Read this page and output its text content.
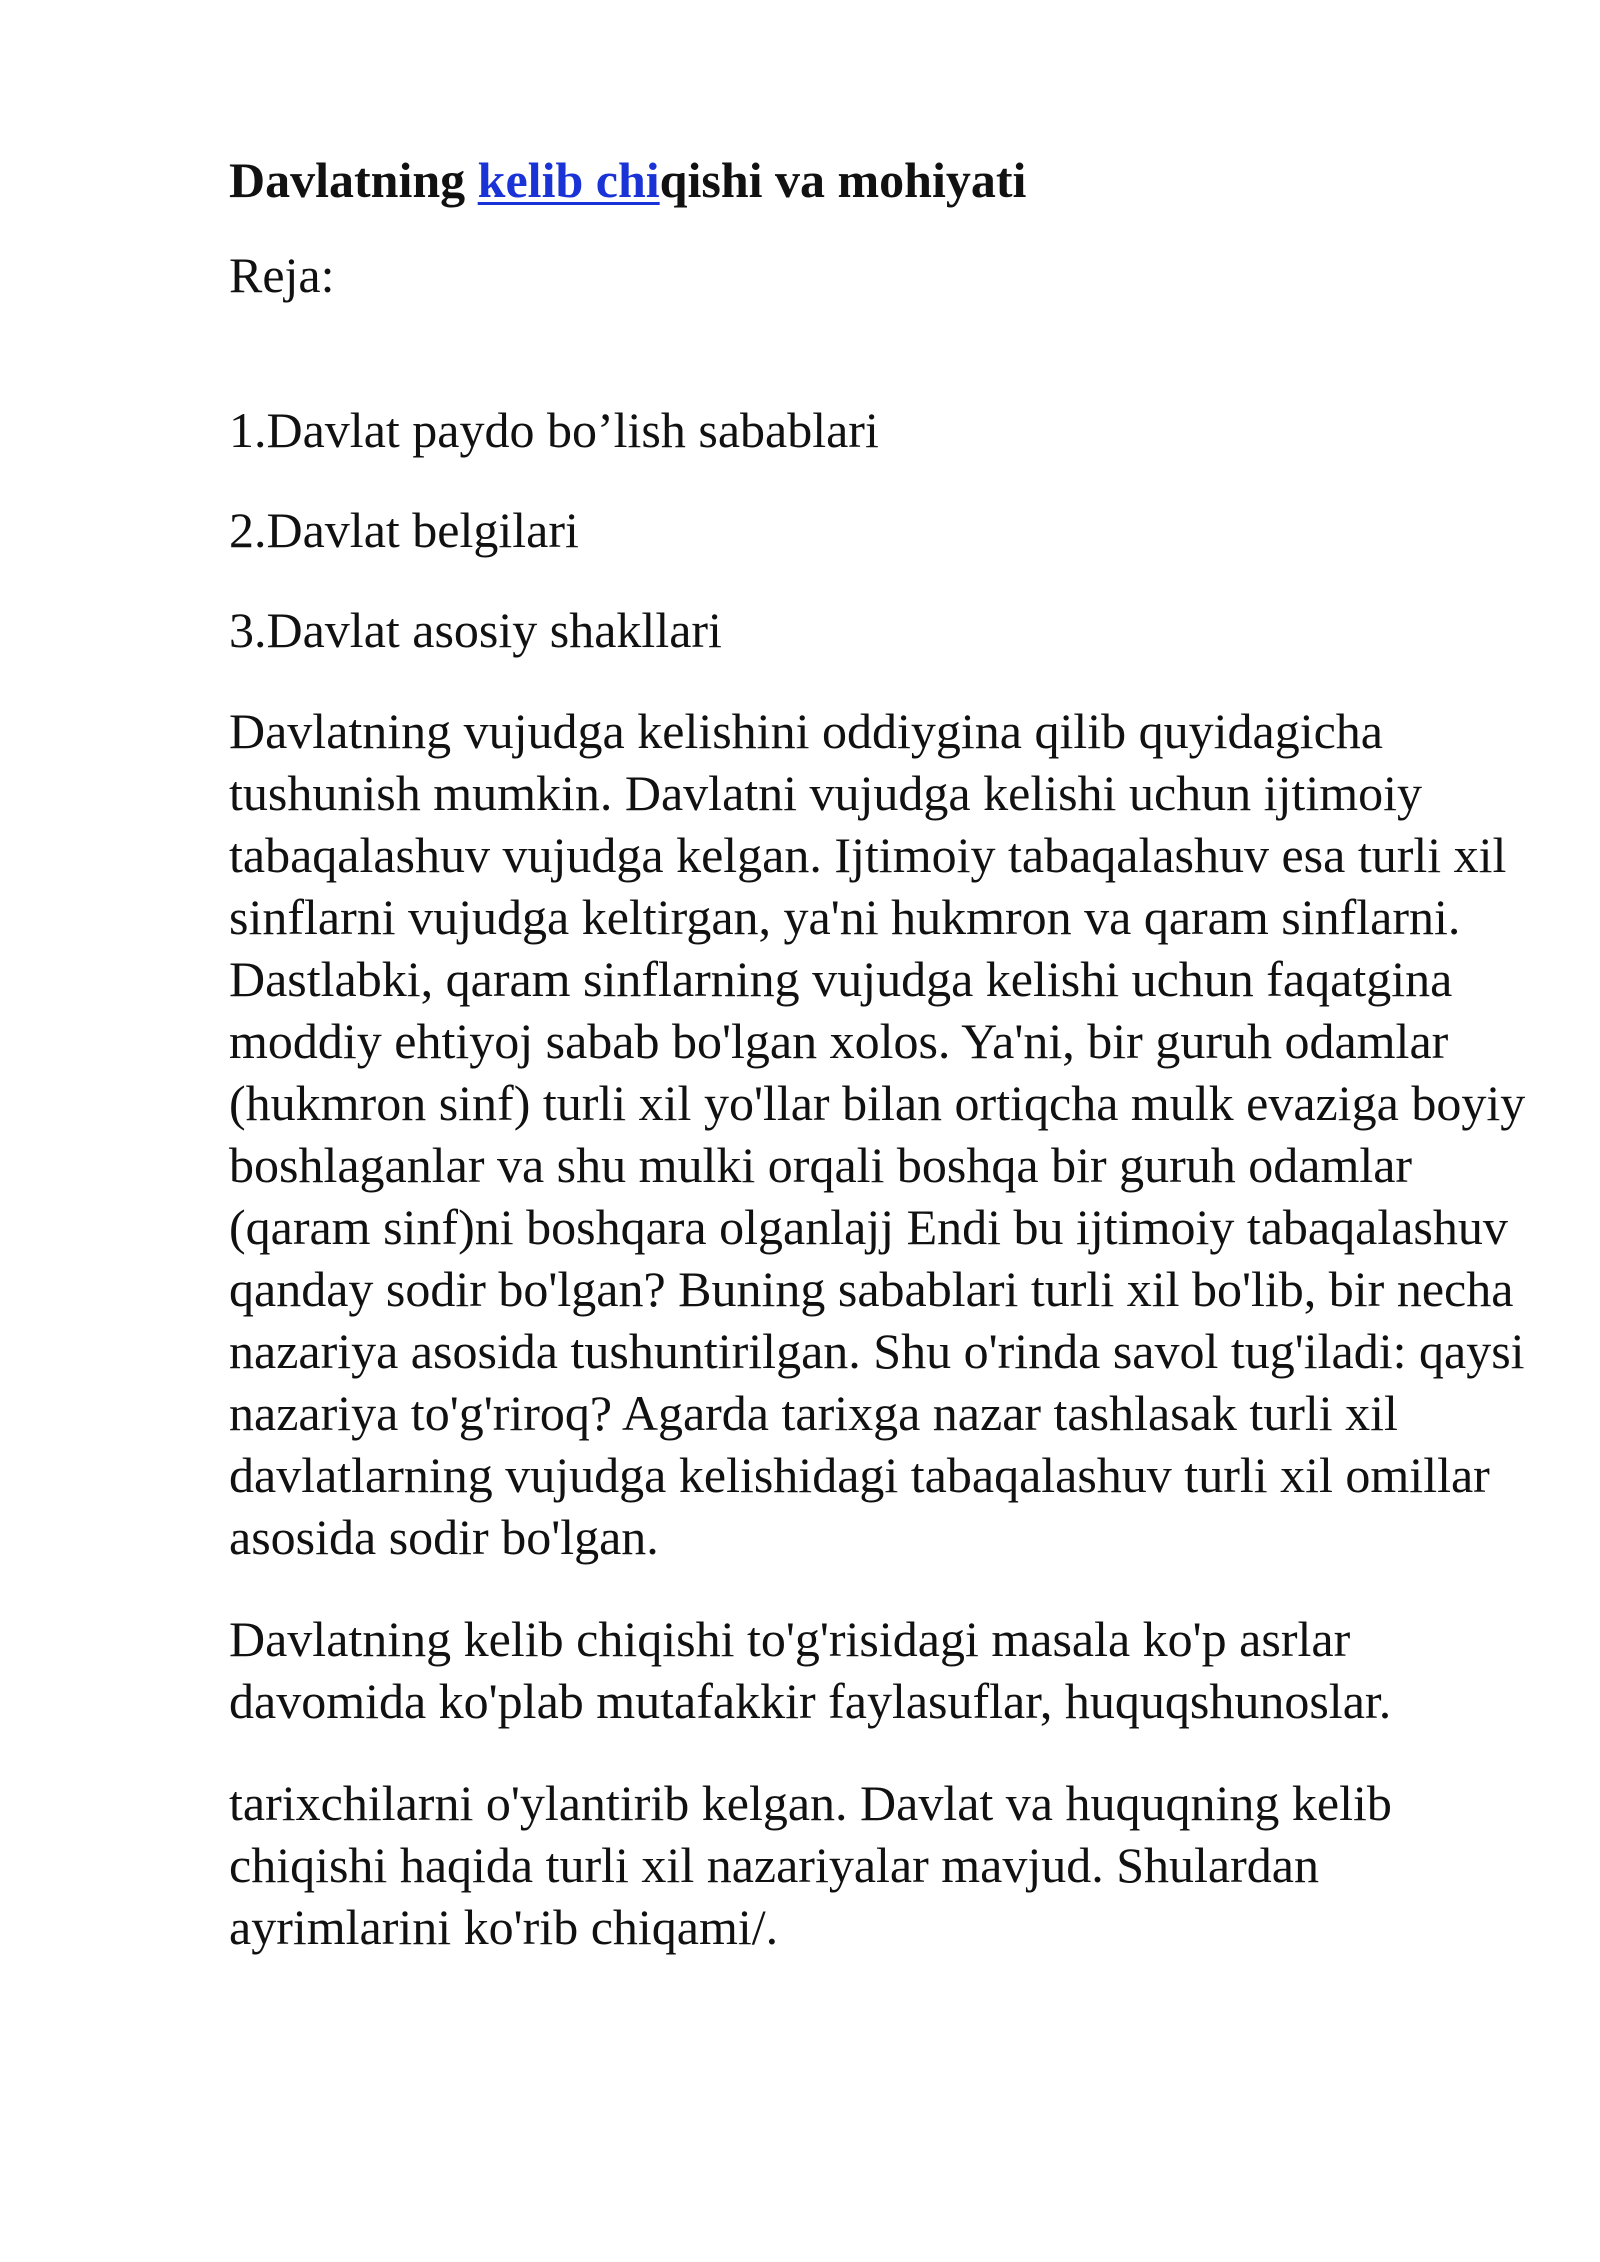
Davlatning kelib chiqishi va mohiyati

Reja:

1.Davlat paydo bo’lish sabablari
2.Davlat belgilari
3.Davlat asosiy shakllari

Davlatning vujudga kelishini oddiygina qilib quyidagicha tushunish mumkin. Davlatni vujudga kelishi uchun ijtimoiy tabaqalashuv vujudga kelgan. Ijtimoiy tabaqalashuv esa turli xil sinflarni vujudga keltirgan, ya'ni hukmron va qaram sinflarni. Dastlabki, qaram sinflarning vujudga kelishi uchun faqatgina moddiy ehtiyoj sabab bo'lgan xolos. Ya'ni, bir guruh odamlar (hukmron sinf) turli xil yo'llar bilan ortiqcha mulk evaziga boyiy boshlaganlar va shu mulki orqali boshqa bir guruh odamlar (qaram sinf)ni boshqara olganlajj Endi bu ijtimoiy tabaqalashuv qanday sodir bo'lgan? Buning sabablari turli xil bo'lib, bir necha nazariya asosida tushuntirilgan. Shu o'rinda savol tug'iladi: qaysi nazariya to'g'riroq? Agarda tarixga nazar tashlasak turli xil davlatlarning vujudga kelishidagi tabaqalashuv turli xil omillar asosida sodir bo'lgan.

Davlatning kelib chiqishi to'g'risidagi masala ko'p asrlar davomida ko'plab mutafakkir faylasuflar, huquqshunoslar.

tarixchilarni o'ylantirib kelgan. Davlat va huquqning kelib chiqishi haqida turli xil nazariyalar mavjud. Shulardan ayrimlarini ko'rib chiqami/.
